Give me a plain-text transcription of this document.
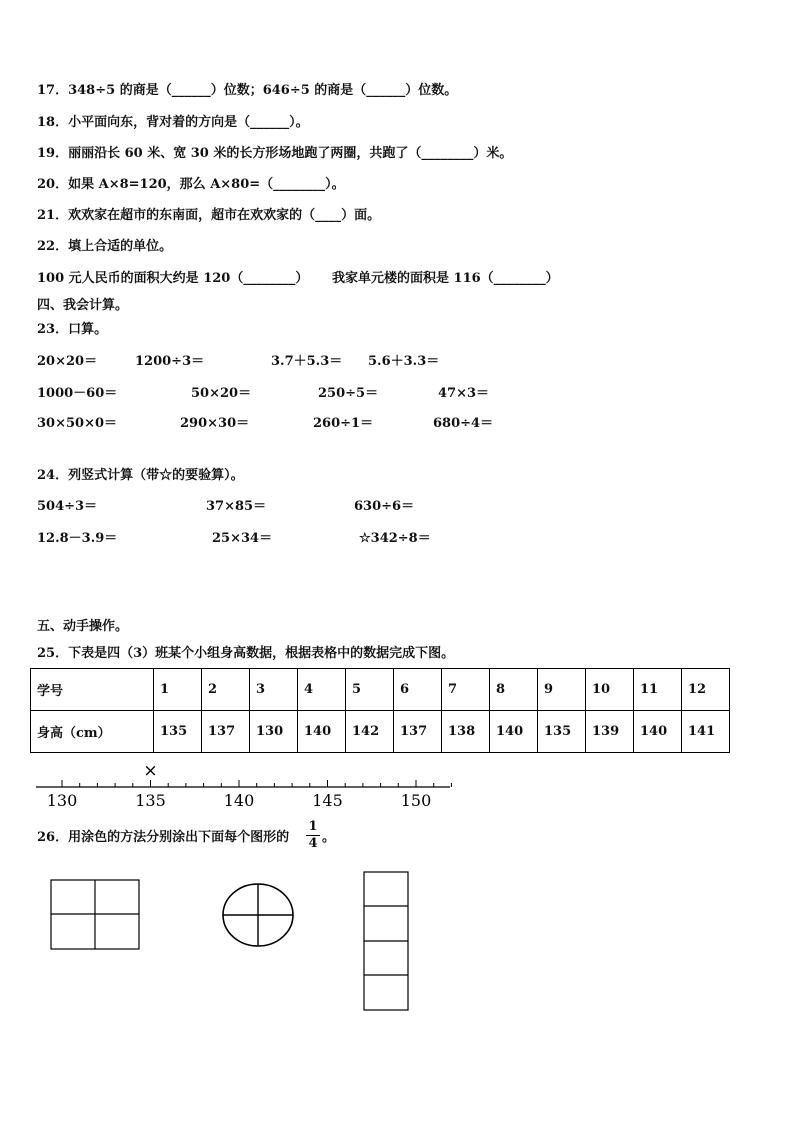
17．348÷5 的商是（______）位数；646÷5 的商是（______）位数。
18．小平面向东，背对着的方向是（______）。
19．丽丽沿长 60 米、宽 30 米的长方形场地跑了两圈，共跑了（________）米。
20．如果 A×8=120，那么 A×80=（________）。
21．欢欢家在超市的东南面，超市在欢欢家的（____）面。
22．填上合适的单位。
100 元人民币的面积大约是 120（________） 我家单元楼的面积是 116（________）
四、我会计算。
23．口算。
20×20＝	1200÷3＝	3.7＋5.3＝ 5.6＋3.3＝
1000－60＝	50×20＝	250÷5＝	47×3＝
30×50×0＝	290×30＝	260÷1＝	680÷4＝
24．列竖式计算（带☆的要验算）。
504÷3＝	37×85＝	630÷6＝
12.8－3.9＝	25×34＝	☆342÷8＝
五、动手操作。
25．下表是四（3）班某个小组身高数据，根据表格中的数据完成下图。
学号	1	2	3	4	5	6	7	8	9	10	11	12
身高（cm）	135	137	130	140	142	137	138	140	135	139	140	141
130	135	140	145	150
×
26．用涂色的方法分别涂出下面每个图形的
1
4 。
